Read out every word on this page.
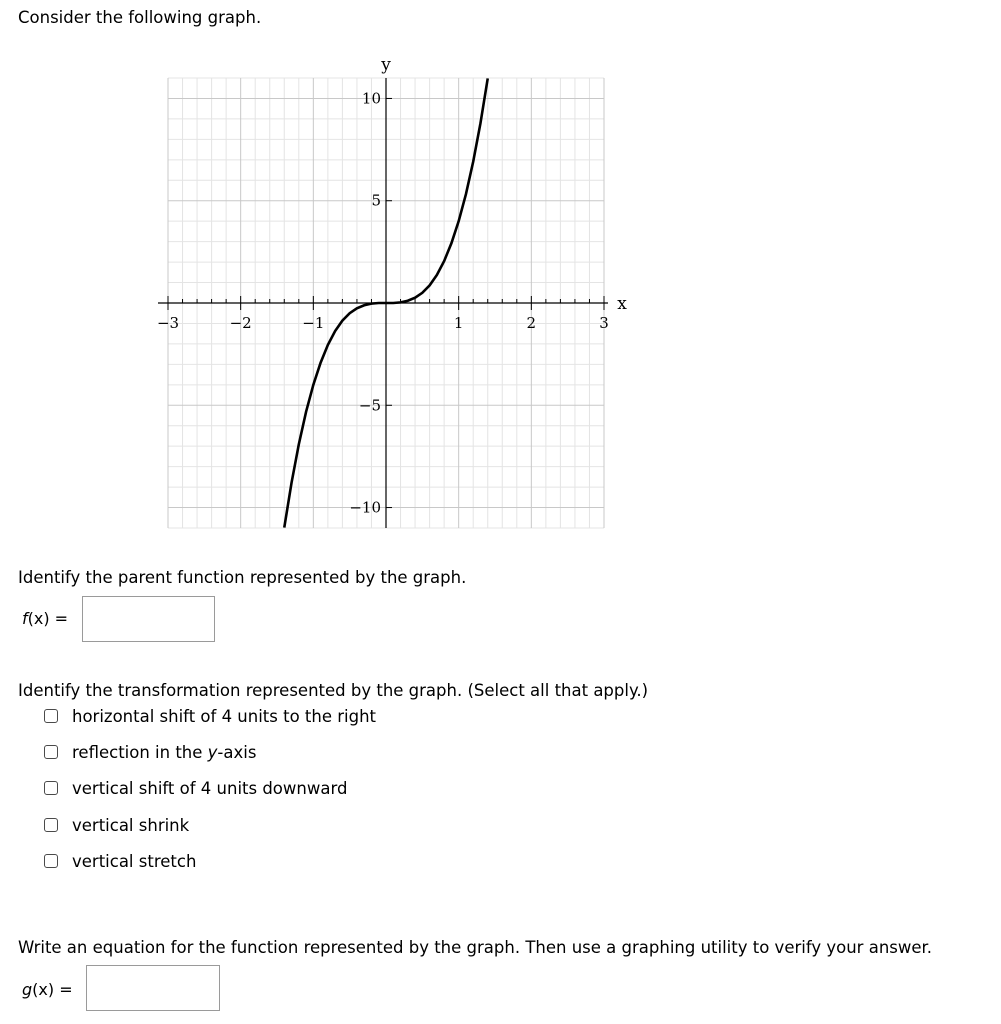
Consider the following graph.
−3	−2	−1	1	2	3
−10
−5
5
10
x
y
Identify the parent function represented by the graph.
f(x) =
Identify the transformation represented by the graph. (Select all that apply.)
horizontal shift of 4 units to the right
reflection in the y-axis
vertical shift of 4 units downward
vertical shrink
vertical stretch
Write an equation for the function represented by the graph. Then use a graphing utility to verify your answer.
g(x) =
